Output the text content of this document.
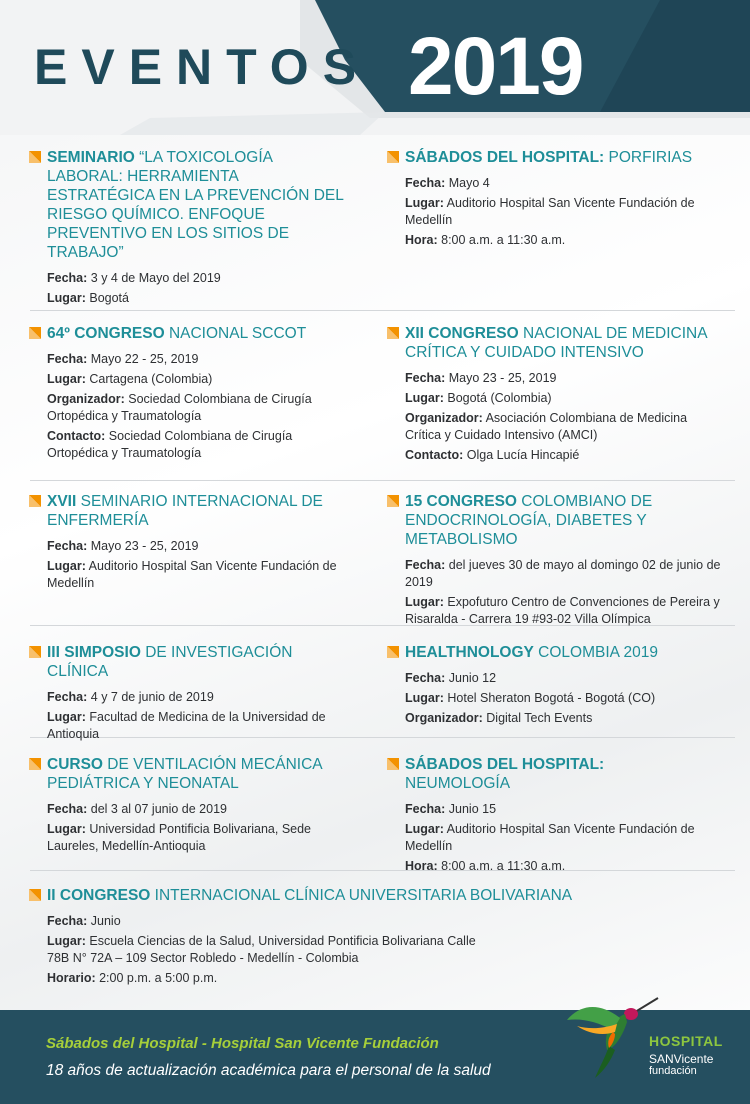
EVENTOS 2019
SEMINARIO “LA TOXICOLOGÍA LABORAL: HERRAMIENTA ESTRATÉGICA EN LA PREVENCIÓN DEL RIESGO QUÍMICO. ENFOQUE PREVENTIVO EN LOS SITIOS DE TRABAJO”

Fecha: 3 y 4 de Mayo del 2019

Lugar: Bogotá

SÁBADOS DEL HOSPITAL: PORFIRIAS

Fecha: Mayo 4

Lugar: Auditorio Hospital San Vicente Fundación de Medellín

Hora: 8:00 a.m. a 11:30 a.m.

64º CONGRESO NACIONAL SCCOT

Fecha: Mayo 22 - 25, 2019

Lugar: Cartagena (Colombia)

Organizador: Sociedad Colombiana de Cirugía Ortopédica y Traumatología

Contacto: Sociedad Colombiana de Cirugía Ortopédica y Traumatología

XII CONGRESO NACIONAL DE MEDICINA CRÍTICA Y CUIDADO INTENSIVO

Fecha: Mayo 23 - 25, 2019

Lugar: Bogotá (Colombia)

Organizador: Asociación Colombiana de Medicina Crítica y Cuidado Intensivo (AMCI)

Contacto: Olga Lucía Hincapié

XVII SEMINARIO INTERNACIONAL DE ENFERMERÍA

Fecha: Mayo 23 - 25, 2019

Lugar: Auditorio Hospital San Vicente Fundación de Medellín

15 CONGRESO COLOMBIANO DE ENDOCRINOLOGÍA, DIABETES Y METABOLISMO

Fecha: del jueves 30 de mayo al domingo 02 de junio de 2019

Lugar: Expofuturo Centro de Convenciones de Pereira y Risaralda - Carrera 19 #93-02 Villa Olímpica

III SIMPOSIO DE INVESTIGACIÓN CLÍNICA

Fecha: 4 y 7 de junio de 2019

Lugar: Facultad de Medicina de la Universidad de Antioquia

HEALTHNOLOGY COLOMBIA 2019

Fecha: Junio 12

Lugar: Hotel Sheraton Bogotá - Bogotá (CO)

Organizador: Digital Tech Events

CURSO DE VENTILACIÓN MECÁNICA PEDIÁTRICA Y NEONATAL

Fecha: del 3 al 07 junio de 2019

Lugar: Universidad Pontificia Bolivariana, Sede Laureles, Medellín-Antioquia

SÁBADOS DEL HOSPITAL: NEUMOLOGÍA

Fecha: Junio 15

Lugar: Auditorio Hospital San Vicente Fundación de Medellín

Hora: 8:00 a.m. a 11:30 a.m.

II CONGRESO INTERNACIONAL CLÍNICA UNIVERSITARIA BOLIVARIANA

Fecha: Junio

Lugar: Escuela Ciencias de la Salud, Universidad Pontificia Bolivariana Calle 78B N° 72A – 109 Sector Robledo - Medellín - Colombia

Horario: 2:00 p.m. a 5:00 p.m.

Sábados del Hospital - Hospital San Vicente Fundación
18 años de actualización académica para el personal de la salud
HOSPITAL
SANVicente
fundación
